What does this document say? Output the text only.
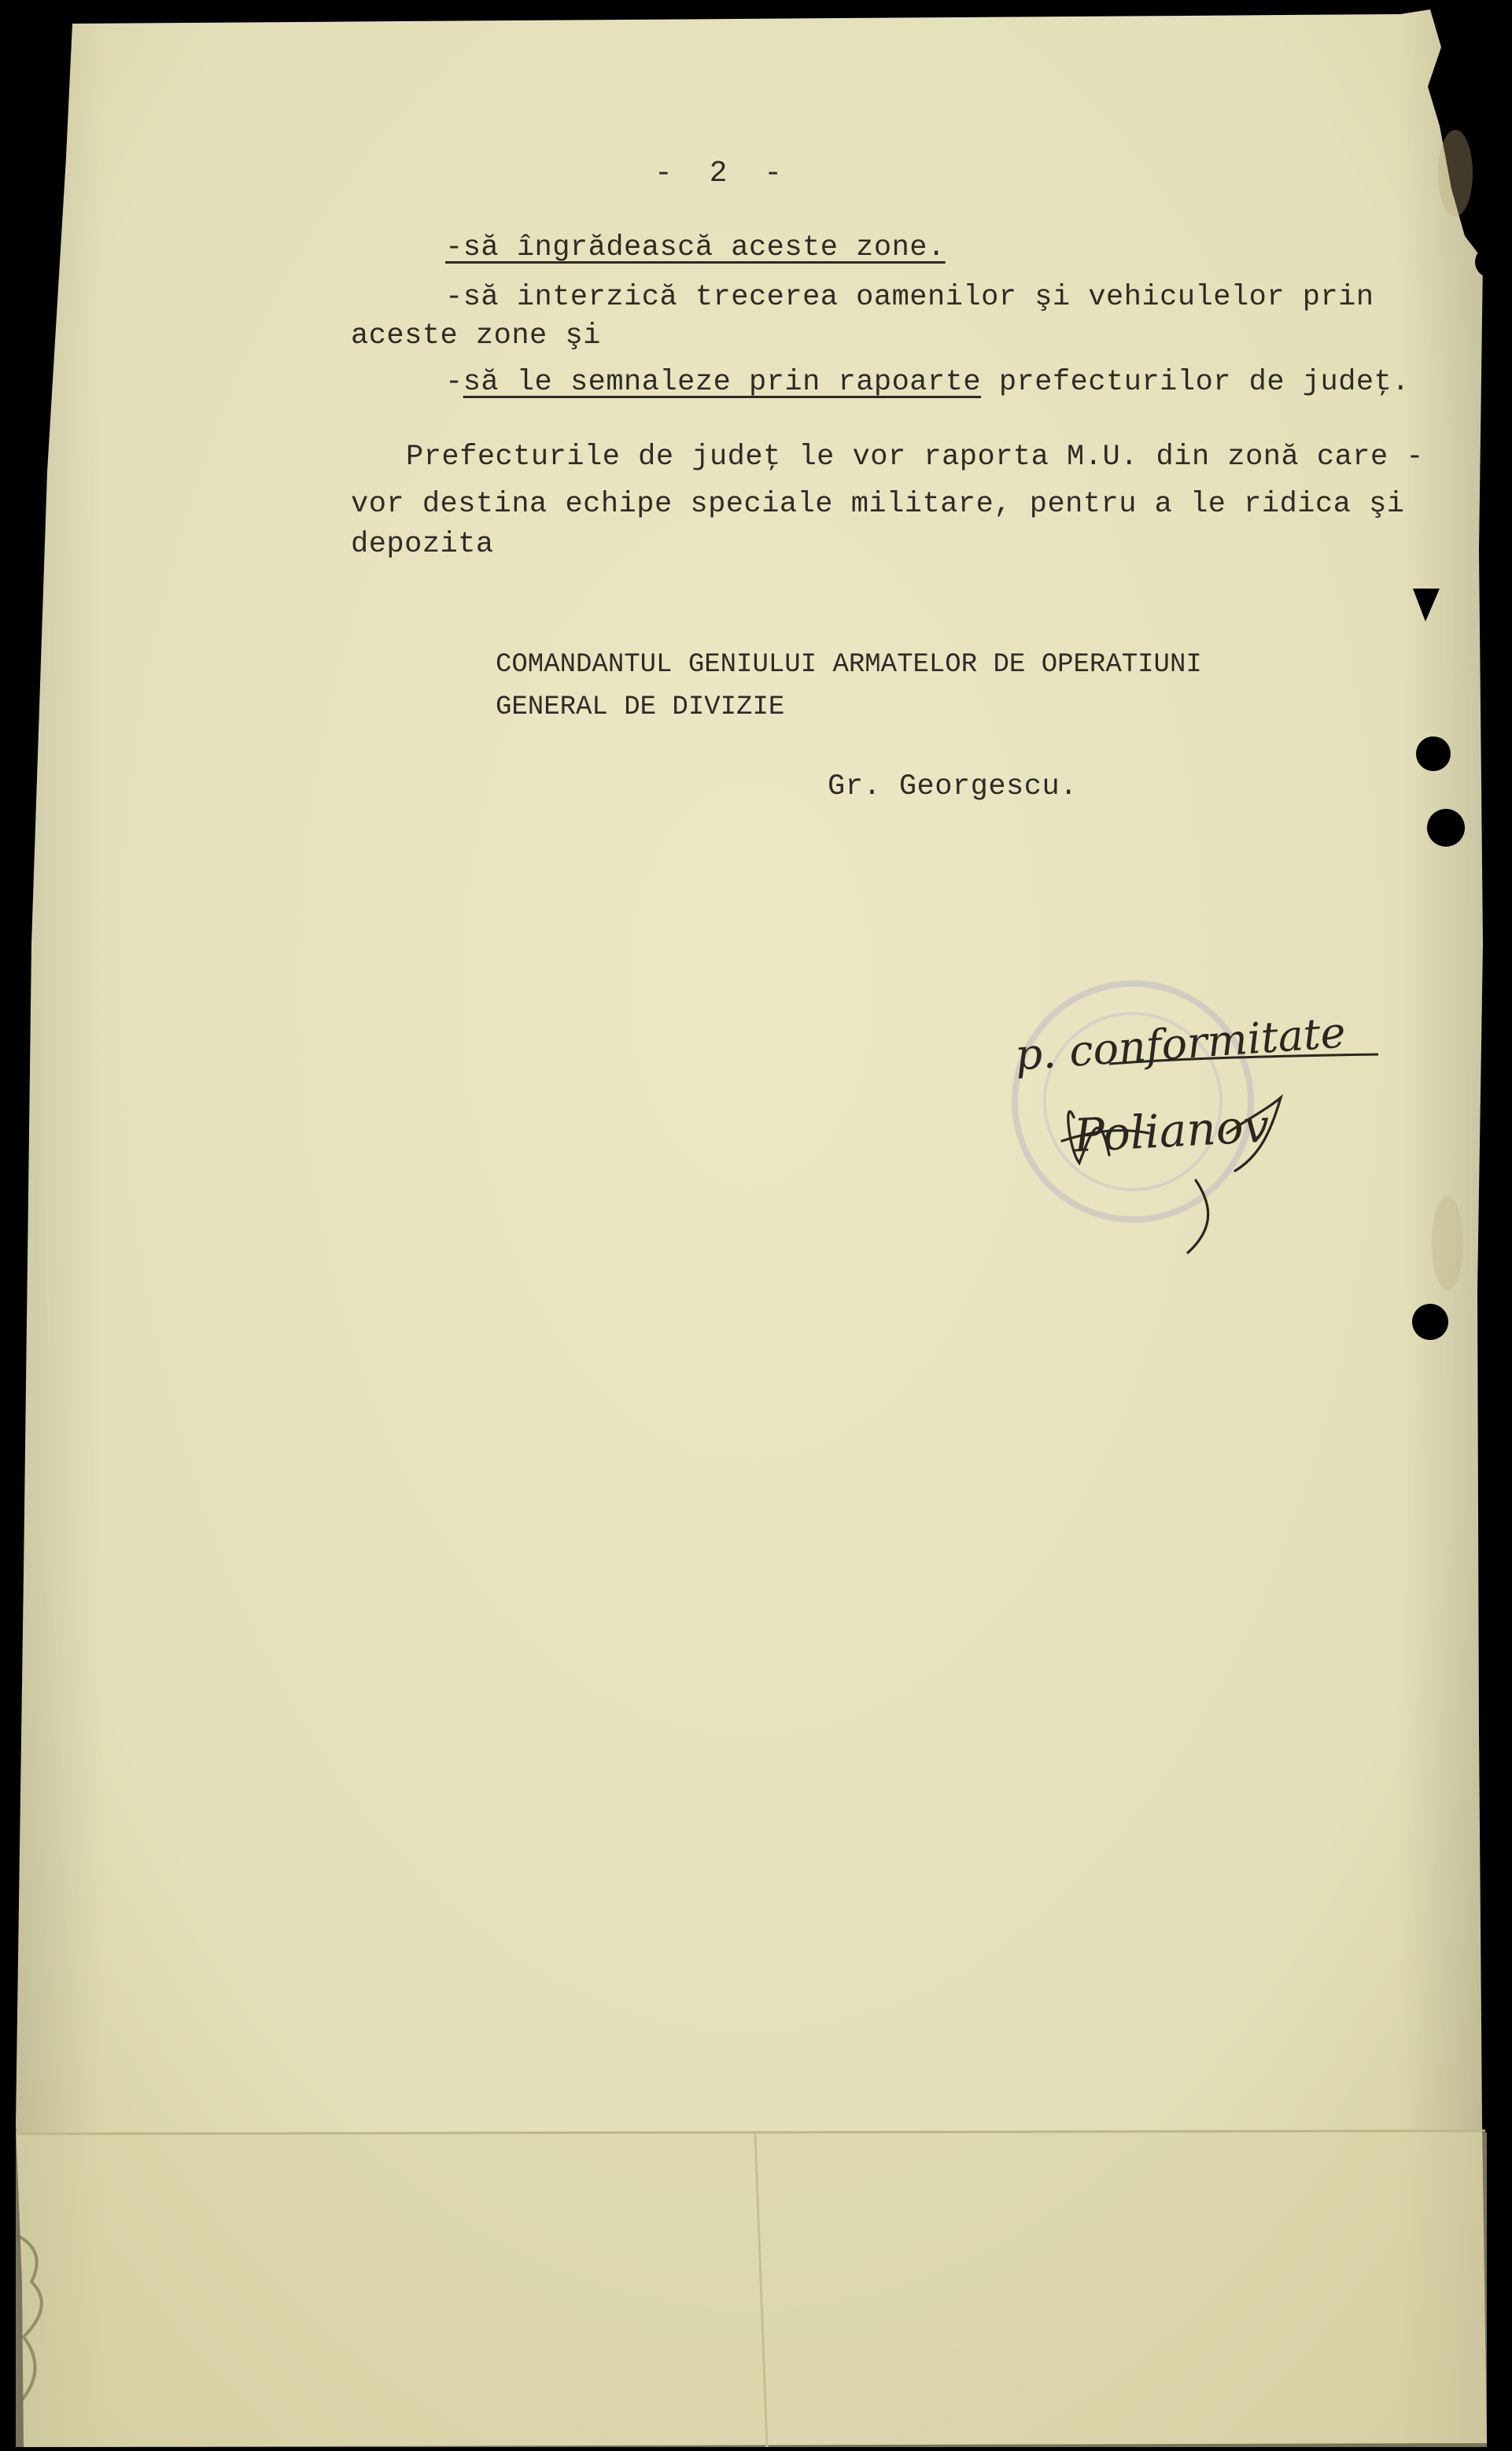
- 2 -
-să îngrădească aceste zone.
-să interzică trecerea oamenilor şi vehiculelor prin
aceste zone şi
-să le semnaleze prin rapoarte prefecturilor de judeţ.
Prefecturile de judeţ le vor raporta M.U. din zonă care -
vor destina echipe speciale militare, pentru a le ridica şi
depozita
COMANDANTUL GENIULUI ARMATELOR DE OPERATIUNI
GENERAL DE DIVIZIE
Gr. Georgescu.
p. conformitate
Polianov
